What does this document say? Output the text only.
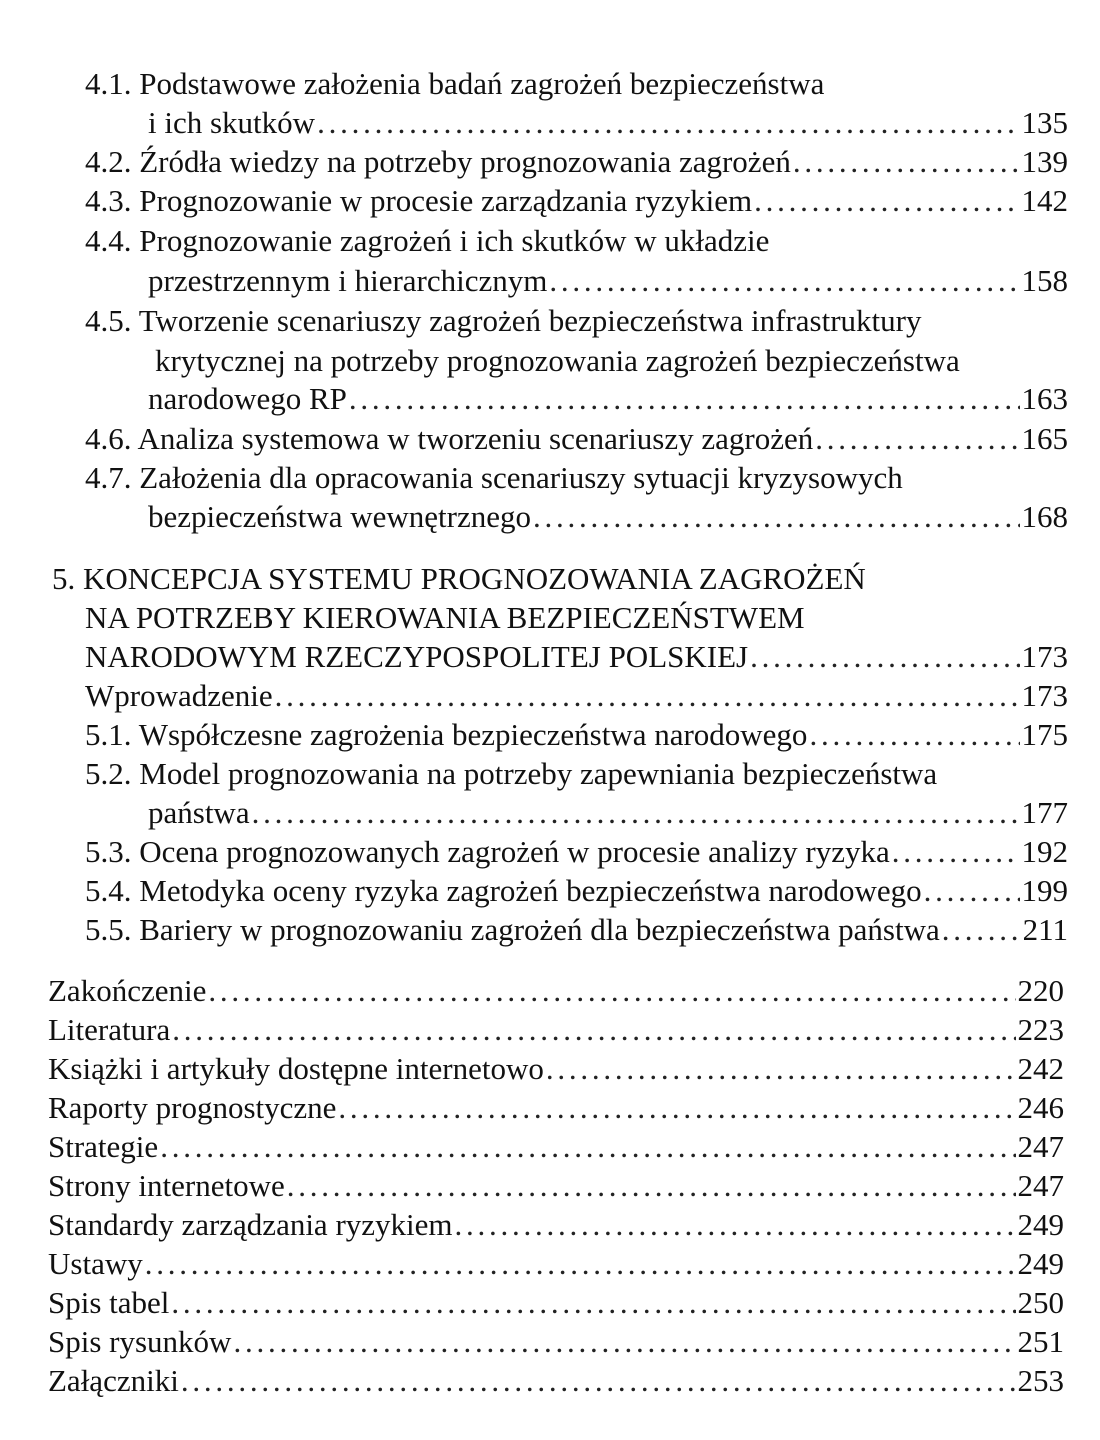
4.1. Podstawowe założenia badań zagrożeń bezpieczeństwa
i ich skutków . . .	135
4.2. Źródła wiedzy na potrzeby prognozowania zagrożeń . . .	139
4.3. Prognozowanie w procesie zarządzania ryzykiem . . .	142
4.4. Prognozowanie zagrożeń i ich skutków w układzie
przestrzennym i hierarchicznym . . .	158
4.5. Tworzenie scenariuszy zagrożeń bezpieczeństwa infrastruktury
krytycznej na potrzeby prognozowania zagrożeń bezpieczeństwa
narodowego RP . . .	163
4.6. Analiza systemowa w tworzeniu scenariuszy zagrożeń . . .	165
4.7. Założenia dla opracowania scenariuszy sytuacji kryzysowych
bezpieczeństwa wewnętrznego . . .	168
5. KONCEPCJA SYSTEMU PROGNOZOWANIA ZAGROŻEŃ
NA POTRZEBY KIEROWANIA BEZPIECZEŃSTWEM
NARODOWYM RZECZYPOSPOLITEJ POLSKIEJ . . .	173
Wprowadzenie . . .	173
5.1. Współczesne zagrożenia bezpieczeństwa narodowego . . .	175
5.2. Model prognozowania na potrzeby zapewniania bezpieczeństwa
państwa . . .	177
5.3. Ocena prognozowanych zagrożeń w procesie analizy ryzyka . . .	192
5.4. Metodyka oceny ryzyka zagrożeń bezpieczeństwa narodowego . . .	199
5.5. Bariery w prognozowaniu zagrożeń dla bezpieczeństwa państwa . . .	211
Zakończenie . . .	220
Literatura . . .	223
Książki i artykuły dostępne internetowo . . .	242
Raporty prognostyczne . . .	246
Strategie . . .	247
Strony internetowe . . .	247
Standardy zarządzania ryzykiem . . .	249
Ustawy . . .	249
Spis tabel . . .	250
Spis rysunków . . .	251
Załączniki . . .	253
